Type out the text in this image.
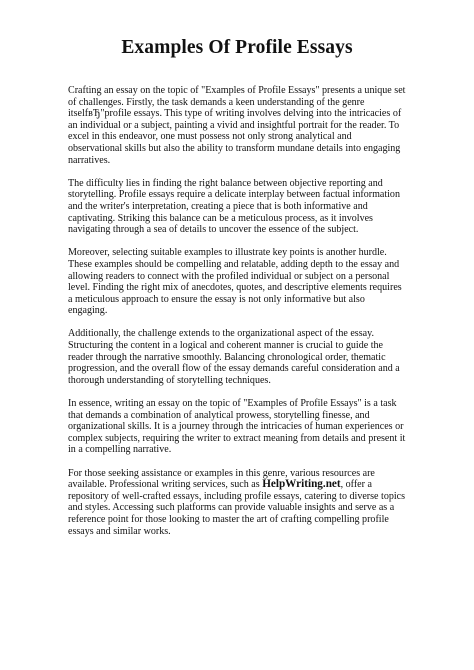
Examples Of Profile Essays

Crafting an essay on the topic of "Examples of Profile Essays" presents a unique set of challenges. Firstly, the task demands a keen understanding of the genre itselfвЂ"profile essays. This type of writing involves delving into the intricacies of an individual or a subject, painting a vivid and insightful portrait for the reader. To excel in this endeavor, one must possess not only strong analytical and observational skills but also the ability to transform mundane details into engaging narratives.

The difficulty lies in finding the right balance between objective reporting and storytelling. Profile essays require a delicate interplay between factual information and the writer's interpretation, creating a piece that is both informative and captivating. Striking this balance can be a meticulous process, as it involves navigating through a sea of details to uncover the essence of the subject.

Moreover, selecting suitable examples to illustrate key points is another hurdle. These examples should be compelling and relatable, adding depth to the essay and allowing readers to connect with the profiled individual or subject on a personal level. Finding the right mix of anecdotes, quotes, and descriptive elements requires a meticulous approach to ensure the essay is not only informative but also engaging.

Additionally, the challenge extends to the organizational aspect of the essay. Structuring the content in a logical and coherent manner is crucial to guide the reader through the narrative smoothly. Balancing chronological order, thematic progression, and the overall flow of the essay demands careful consideration and a thorough understanding of storytelling techniques.

In essence, writing an essay on the topic of "Examples of Profile Essays" is a task that demands a combination of analytical prowess, storytelling finesse, and organizational skills. It is a journey through the intricacies of human experiences or complex subjects, requiring the writer to extract meaning from details and present it in a compelling narrative.

For those seeking assistance or examples in this genre, various resources are available. Professional writing services, such as HelpWriting.net, offer a repository of well-crafted essays, including profile essays, catering to diverse topics and styles. Accessing such platforms can provide valuable insights and serve as a reference point for those looking to master the art of crafting compelling profile essays and similar works.
